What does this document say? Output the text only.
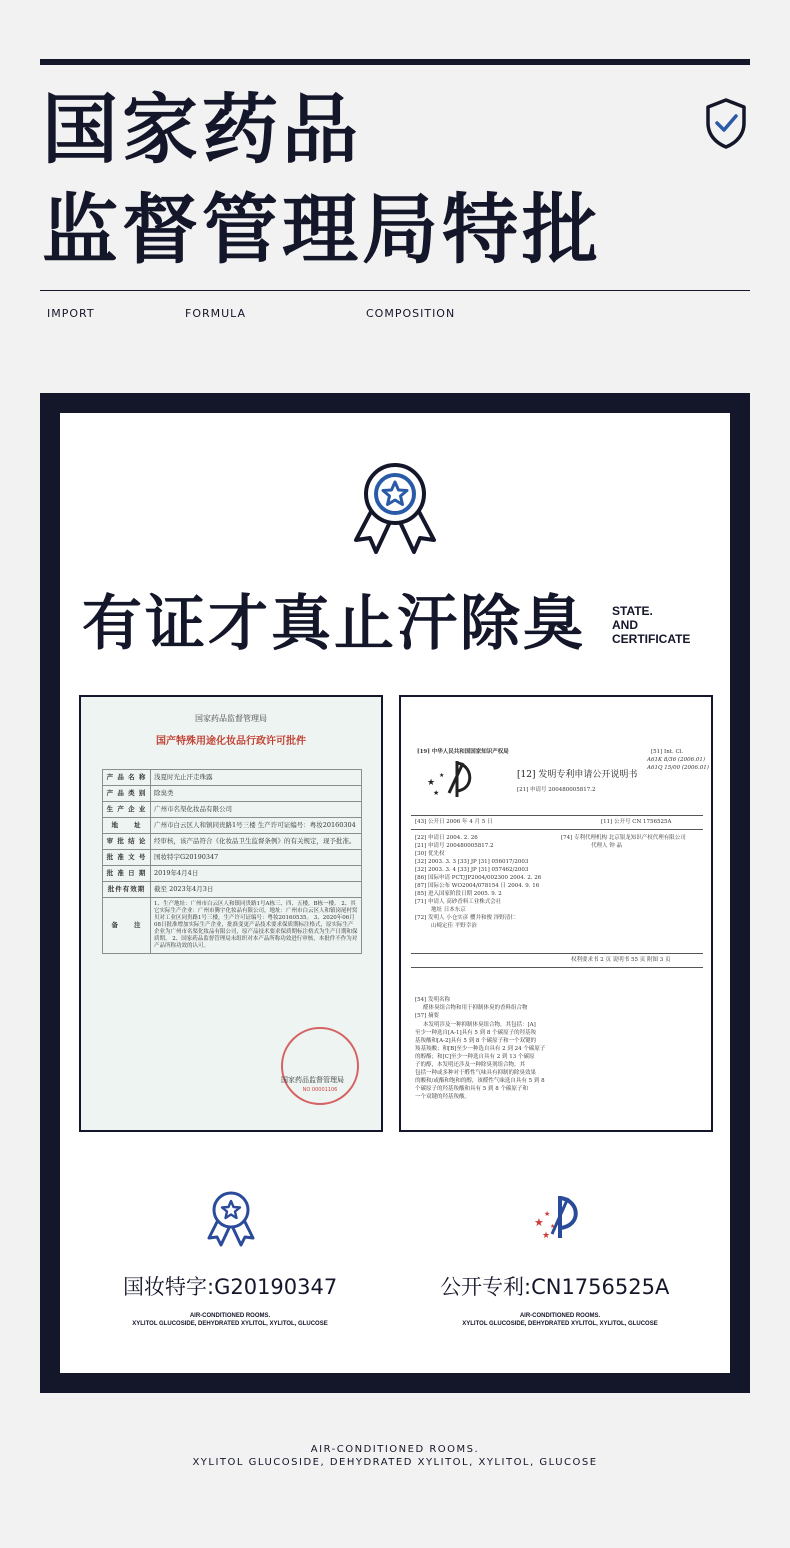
国家药品
监督管理局特批
IMPORT	FORMULA	COMPOSITION
有证才真止汗除臭 STATE.
AND
CERTIFICATE
国家药品监督管理局
国产特殊用途化妆品行政许可批件
产 品 名 称	浅夏时光止汗走珠露
产 品 类 别	除臭类
生 产 企 业	广州市名渠化妆品有限公司
地　　址	广州市白云区人和镇同贵路1号三楼 生产许可证编号：粤妆20160304
审 批 结 论	经审核，该产品符合《化妆品卫生监督条例》的有关规定，现予批准。
批 准 文 号	国妆特字G20190347
批 准 日 期	2019年4月4日
批件有效期	截至 2023年4月3日
备　　注	1、生产地址：广州市白云区人和镇同贵路1号A栋三、四、五楼，B栋一楼。 2、其它实际生产企业：广州市腾宇化妆品有限公司，地址：广州市白云区人和镇岗尾村窝贝对工业区同贵路1号三楼，生产许可证编号：粤妆20160535。 3、2020年06月08日批准增加实际生产企业，批准变更产品技术要求保质期标注格式，原实际生产企业为广州市名渠化妆品有限公司，原产品技术要求保质期标注格式为生产日期和保质期。 2、国家药品监督管理局未组织对本产品所称功效进行审核，本批件不作为对产品所称功效的认可。
NO 00001106
国家药品监督管理局
[19] 中华人民共和国国家知识产权局
★
★
★	[12] 发明专利申请公开说明书
[51] Int. Cl.
A61K 8/36 (2006.01)
A61Q 15/00 (2006.01)
[21] 申请号 200480005817.2
[43] 公开日 2006 年 4 月 5 日	[11] 公开号 CN 1756525A
[22] 申请日 2004. 2. 26
[21] 申请号 200480005817.2
[30] 优先权
[32] 2003. 3. 3 [33] JP [31] 056017/2003
[32] 2003. 3. 4 [33] JP [31] 057462/2003
[86] 国际申请 PCT/JP2004/002300 2004. 2. 26
[87] 国际公布 WO2004/078154 日 2004. 9. 16
[85] 进入国家阶段日期 2005. 9. 2
[71] 申请人 高砂香料工业株式会社
地址 日本东京
[72] 发明人 小仓实彦 樱井和俊 泽野清仁
山崎定佳 平野幸治
[74] 专利代理机构 北京银龙知识产权代理有限公司
代理人 钟 晶
权利要求书 2 页 说明书 55 页 附图 3 页
[54] 发明名称
醛体臭组合物和用于抑制体臭的香料组合物
[57] 摘要
本发明涉及一种抑制体臭组合物，其包括：[A]
至少一种选自[A-1]具有 5 到 8 个碳原子的羟基羧
基羧酸和[A-2]具有 5 到 8 个碳原子和一个双键的
羧基羧酸；和[B]至少一种选自具有 2 到 24 个碳原子
的醇酯；和[C]至少一种选自具有 2 到 13 个碳原
子的醇，本发明还涉及一种除臭剂组合物，其
包括一种或多种对于醛性气味具有抑制的除臭效果
的酸和/或酯和饱和的醇，该醛性气味选自具有 5 到 8
个碳原子的羟基羧酸和具有 5 到 8 个碳原子和
一个双键的羟基羧酸。
★
★
★
★
国妆特字:G20190347	公开专利:CN1756525A
AIR-CONDITIONED ROOMS.
XYLITOL GLUCOSIDE, DEHYDRATED XYLITOL, XYLITOL, GLUCOSE
AIR-CONDITIONED ROOMS.
XYLITOL GLUCOSIDE, DEHYDRATED XYLITOL, XYLITOL, GLUCOSE
AIR-CONDITIONED ROOMS.
XYLITOL GLUCOSIDE, DEHYDRATED XYLITOL, XYLITOL, GLUCOSE
